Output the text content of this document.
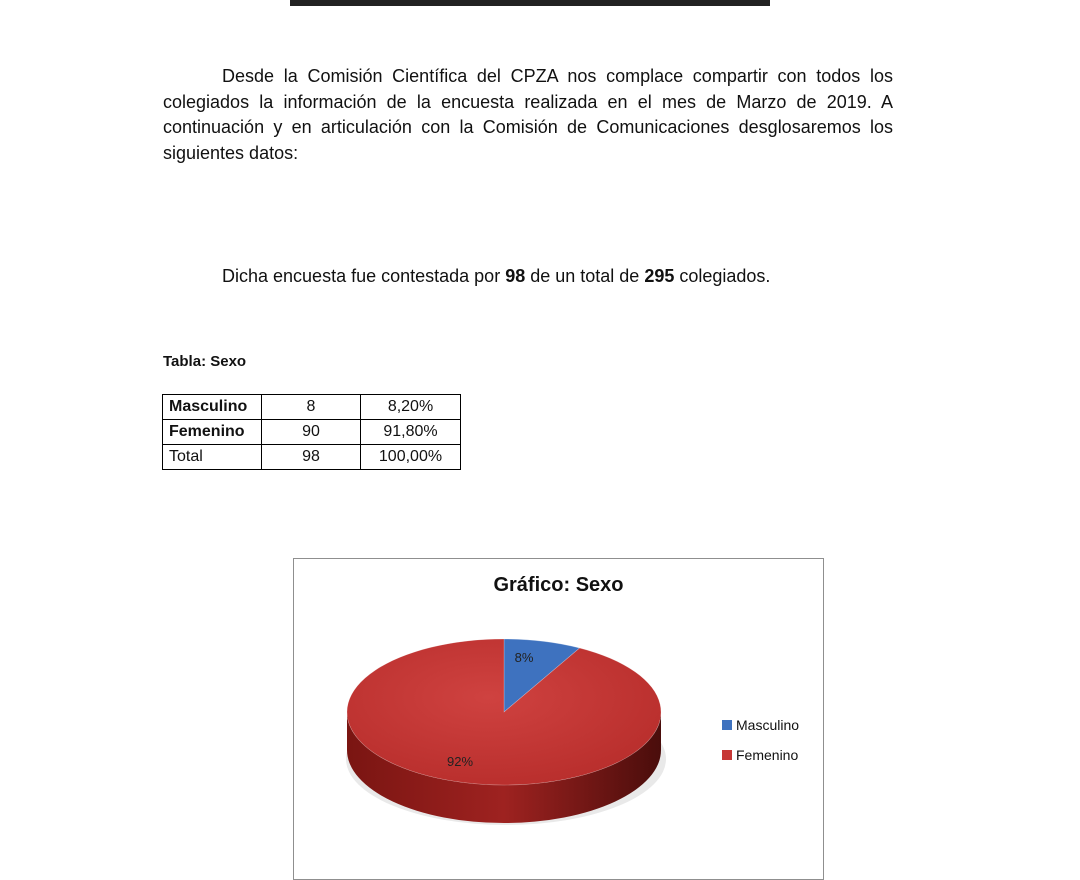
Desde la Comisión Científica del CPZA nos complace compartir con todos los colegiados la información de la encuesta realizada en el mes de Marzo de 2019. A continuación y en articulación con la Comisión de Comunicaciones desglosaremos los siguientes datos:

Dicha encuesta fue contestada por 98 de un total de 295 colegiados.

Tabla: Sexo

Masculino	8	8,20%
Femenino	90	91,80%
Total	98	100,00%
Gráfico: Sexo
8%
92%
Masculino
Femenino
